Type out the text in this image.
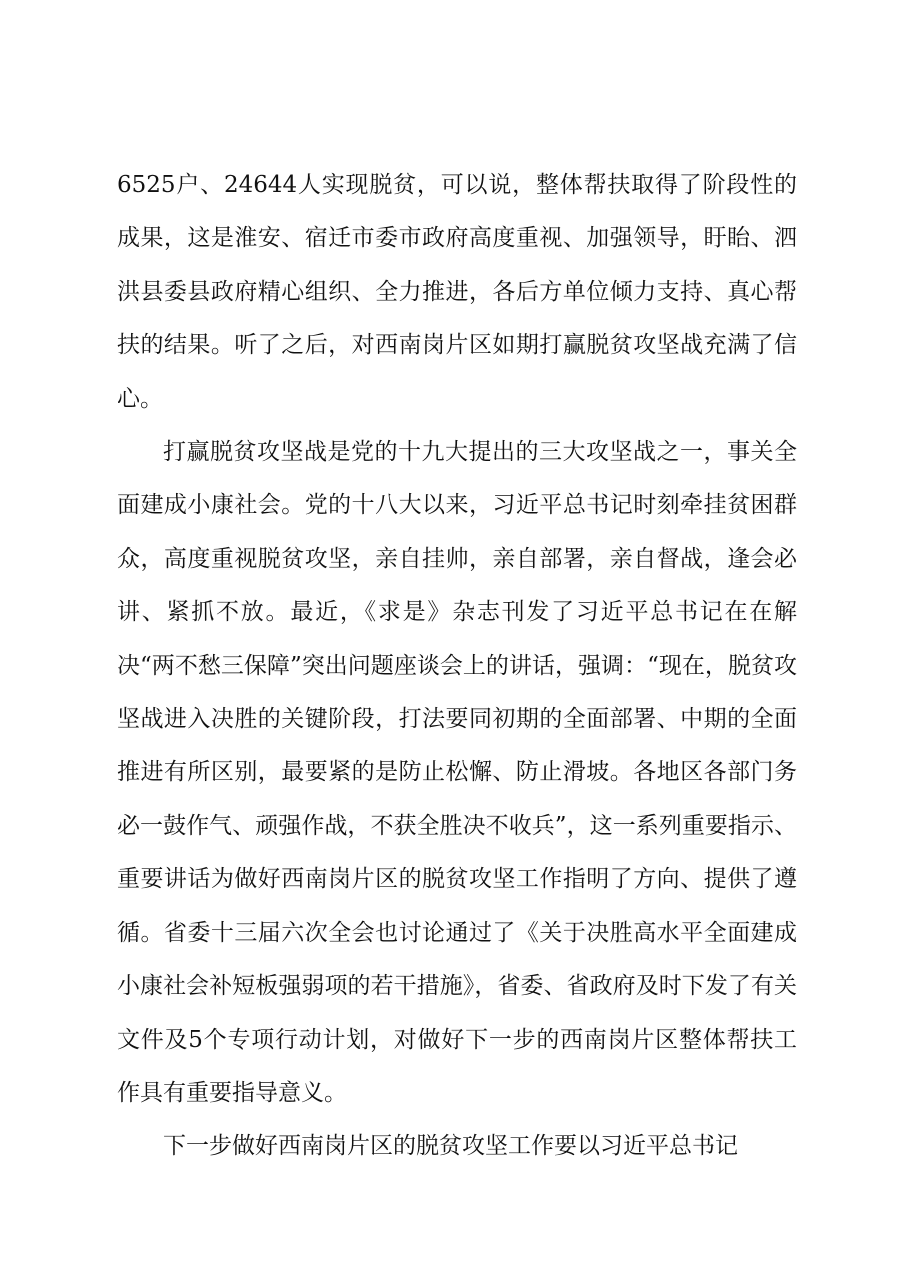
6525户、24644人实现脱贫，可以说，整体帮扶取得了阶段性的成果，这是淮安、宿迁市委市政府高度重视、加强领导，盱眙、泗洪县委县政府精心组织、全力推进，各后方单位倾力支持、真心帮扶的结果。听了之后，对西南岗片区如期打赢脱贫攻坚战充满了信心。

打赢脱贫攻坚战是党的十九大提出的三大攻坚战之一，事关全面建成小康社会。党的十八大以来，习近平总书记时刻牵挂贫困群众，高度重视脱贫攻坚，亲自挂帅，亲自部署，亲自督战，逢会必讲、紧抓不放。最近，《求是》杂志刊发了习近平总书记在在解决“两不愁三保障”突出问题座谈会上的讲话，强调：“现在，脱贫攻坚战进入决胜的关键阶段，打法要同初期的全面部署、中期的全面推进有所区别，最要紧的是防止松懈、防止滑坡。各地区各部门务必一鼓作气、顽强作战，不获全胜决不收兵”，这一系列重要指示、重要讲话为做好西南岗片区的脱贫攻坚工作指明了方向、提供了遵循。省委十三届六次全会也讨论通过了《关于决胜高水平全面建成小康社会补短板强弱项的若干措施》，省委、省政府及时下发了有关文件及5个专项行动计划，对做好下一步的西南岗片区整体帮扶工作具有重要指导意义。

下一步做好西南岗片区的脱贫攻坚工作要以习近平总书记
